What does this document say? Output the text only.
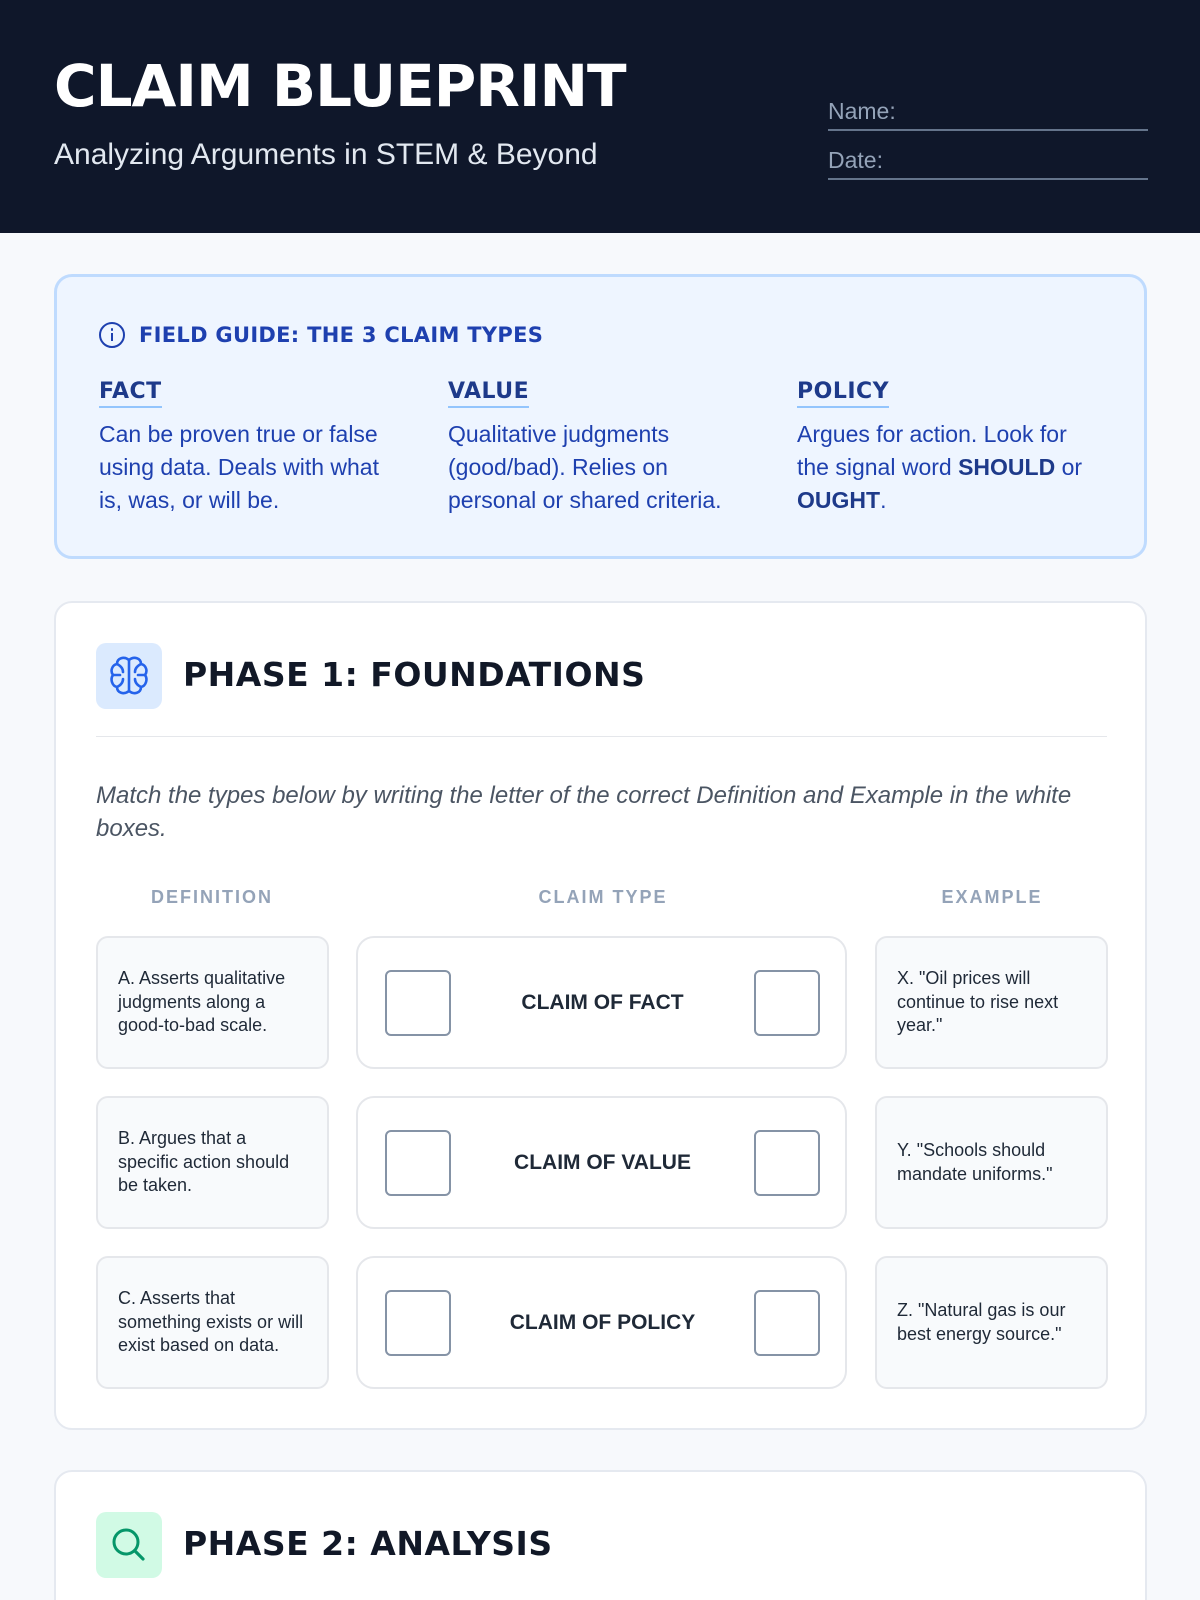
CLAIM BLUEPRINT
Analyzing Arguments in STEM & Beyond
Name:
Date:
FIELD GUIDE: THE 3 CLAIM TYPES
FACT

Can be proven true or false using data. Deals with what is, was, or will be.

VALUE

Qualitative judgments (good/bad). Relies on personal or shared criteria.

POLICY

Argues for action. Look for the signal word SHOULD or OUGHT.

PHASE 1: FOUNDATIONS
Match the types below by writing the letter of the correct Definition and Example in the white boxes.
DEFINITION	CLAIM TYPE	EXAMPLE
A. Asserts qualitative judgments along a good-to-bad scale.
CLAIM OF FACT
X. "Oil prices will continue to rise next year."
B. Argues that a specific action should be taken.
CLAIM OF VALUE
Y. "Schools should mandate uniforms."
C. Asserts that something exists or will exist based on data.
CLAIM OF POLICY
Z. "Natural gas is our best energy source."
PHASE 2: ANALYSIS
